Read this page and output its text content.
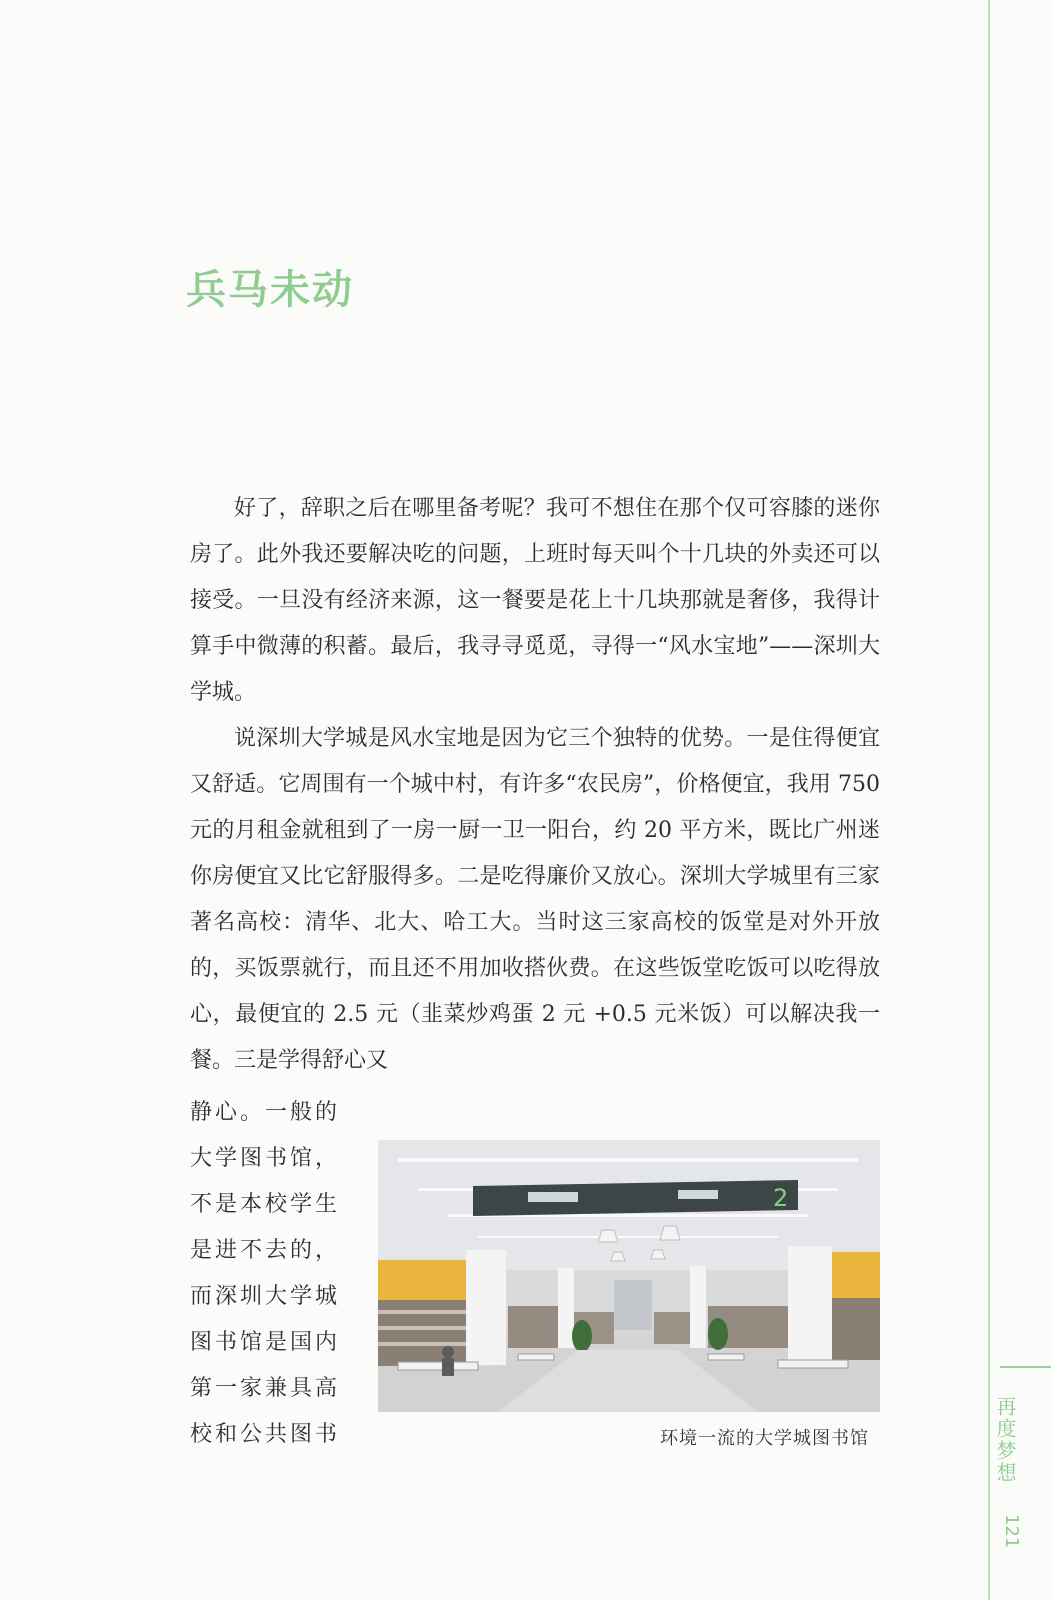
再度梦想
121
兵马未动

好了，辞职之后在哪里备考呢？我可不想住在那个仅可容膝的迷你房了。此外我还要解决吃的问题，上班时每天叫个十几块的外卖还可以接受。一旦没有经济来源，这一餐要是花上十几块那就是奢侈，我得计算手中微薄的积蓄。最后，我寻寻觅觅，寻得一“风水宝地”——深圳大学城。

说深圳大学城是风水宝地是因为它三个独特的优势。一是住得便宜又舒适。它周围有一个城中村，有许多“农民房”，价格便宜，我用 750 元的月租金就租到了一房一厨一卫一阳台，约 20 平方米，既比广州迷你房便宜又比它舒服得多。二是吃得廉价又放心。深圳大学城里有三家著名高校：清华、北大、哈工大。当时这三家高校的饭堂是对外开放的，买饭票就行，而且还不用加收搭伙费。在这些饭堂吃饭可以吃得放心，最便宜的 2.5 元（韭菜炒鸡蛋 2 元 +0.5 元米饭）可以解决我一餐。三是学得舒心又

静心。一般的
大学图书馆，
不是本校学生
是进不去的，
而深圳大学城
图书馆是国内
第一家兼具高
校和公共图书
2
环境一流的大学城图书馆
